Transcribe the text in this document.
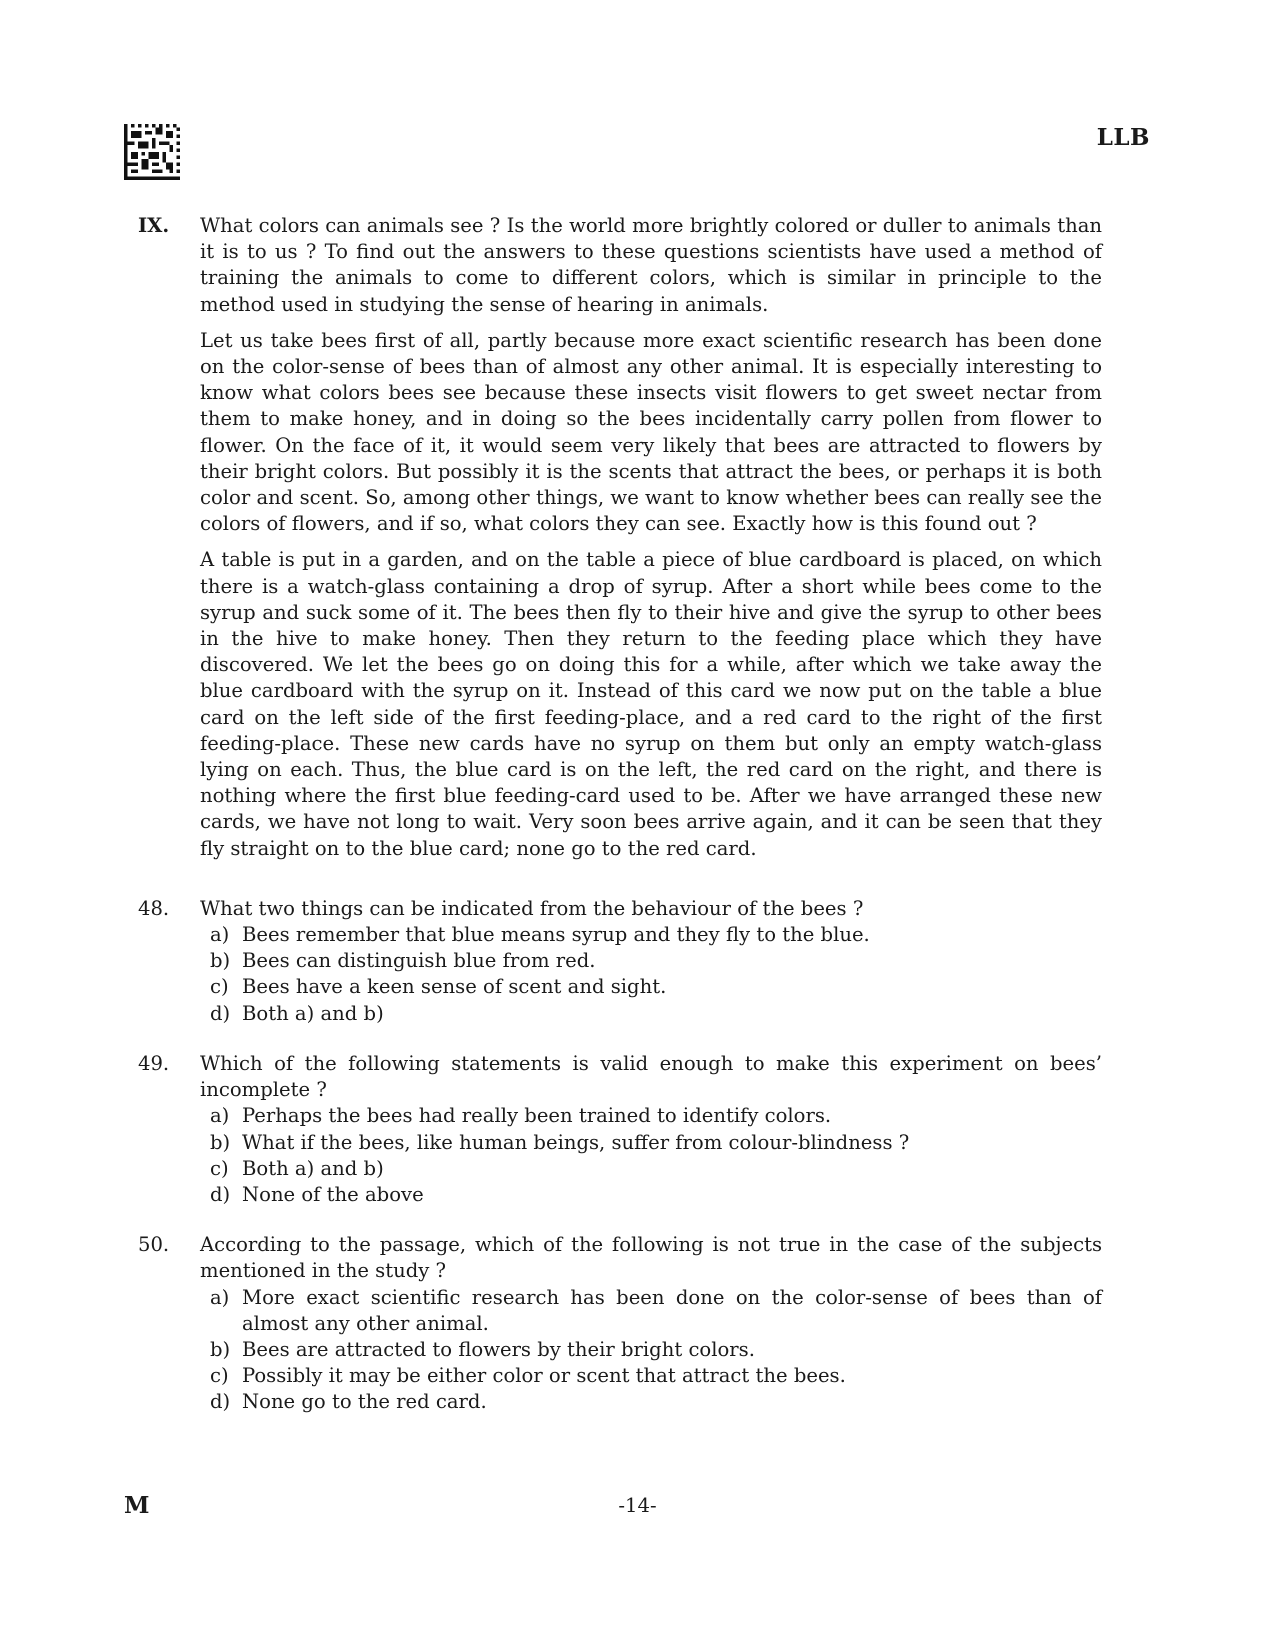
LLB
IX.	What colors can animals see ? Is the world more brightly colored or duller to animals than it is to us ? To find out the answers to these questions scientists have used a method of training the animals to come to different colors, which is similar in principle to the method used in studying the sense of hearing in animals.

Let us take bees first of all, partly because more exact scientific research has been done on the color-sense of bees than of almost any other animal. It is especially interesting to know what colors bees see because these insects visit flowers to get sweet nectar from them to make honey, and in doing so the bees incidentally carry pollen from flower to flower. On the face of it, it would seem very likely that bees are attracted to flowers by their bright colors. But possibly it is the scents that attract the bees, or perhaps it is both color and scent. So, among other things, we want to know whether bees can really see the colors of flowers, and if so, what colors they can see. Exactly how is this found out ?

A table is put in a garden, and on the table a piece of blue cardboard is placed, on which there is a watch-glass containing a drop of syrup. After a short while bees come to the syrup and suck some of it. The bees then fly to their hive and give the syrup to other bees in the hive to make honey. Then they return to the feeding place which they have discovered. We let the bees go on doing this for a while, after which we take away the blue cardboard with the syrup on it. Instead of this card we now put on the table a blue card on the left side of the first feeding-place, and a red card to the right of the first feeding-place. These new cards have no syrup on them but only an empty watch-glass lying on each. Thus, the blue card is on the left, the red card on the right, and there is nothing where the first blue feeding-card used to be. After we have arranged these new cards, we have not long to wait. Very soon bees arrive again, and it can be seen that they fly straight on to the blue card; none go to the red card.

48.	What two things can be indicated from the behaviour of the bees ?
a) Bees remember that blue means syrup and they fly to the blue.
b) Bees can distinguish blue from red.
c) Bees have a keen sense of scent and sight.
d) Both a) and b)
49.	Which of the following statements is valid enough to make this experiment on bees’ incomplete ?
a) Perhaps the bees had really been trained to identify colors.
b) What if the bees, like human beings, suffer from colour-blindness ?
c) Both a) and b)
d) None of the above
50.	According to the passage, which of the following is not true in the case of the subjects mentioned in the study ?
a) More exact scientific research has been done on the color-sense of bees than of almost any other animal.
b) Bees are attracted to flowers by their bright colors.
c) Possibly it may be either color or scent that attract the bees.
d) None go to the red card.
M	-14-
